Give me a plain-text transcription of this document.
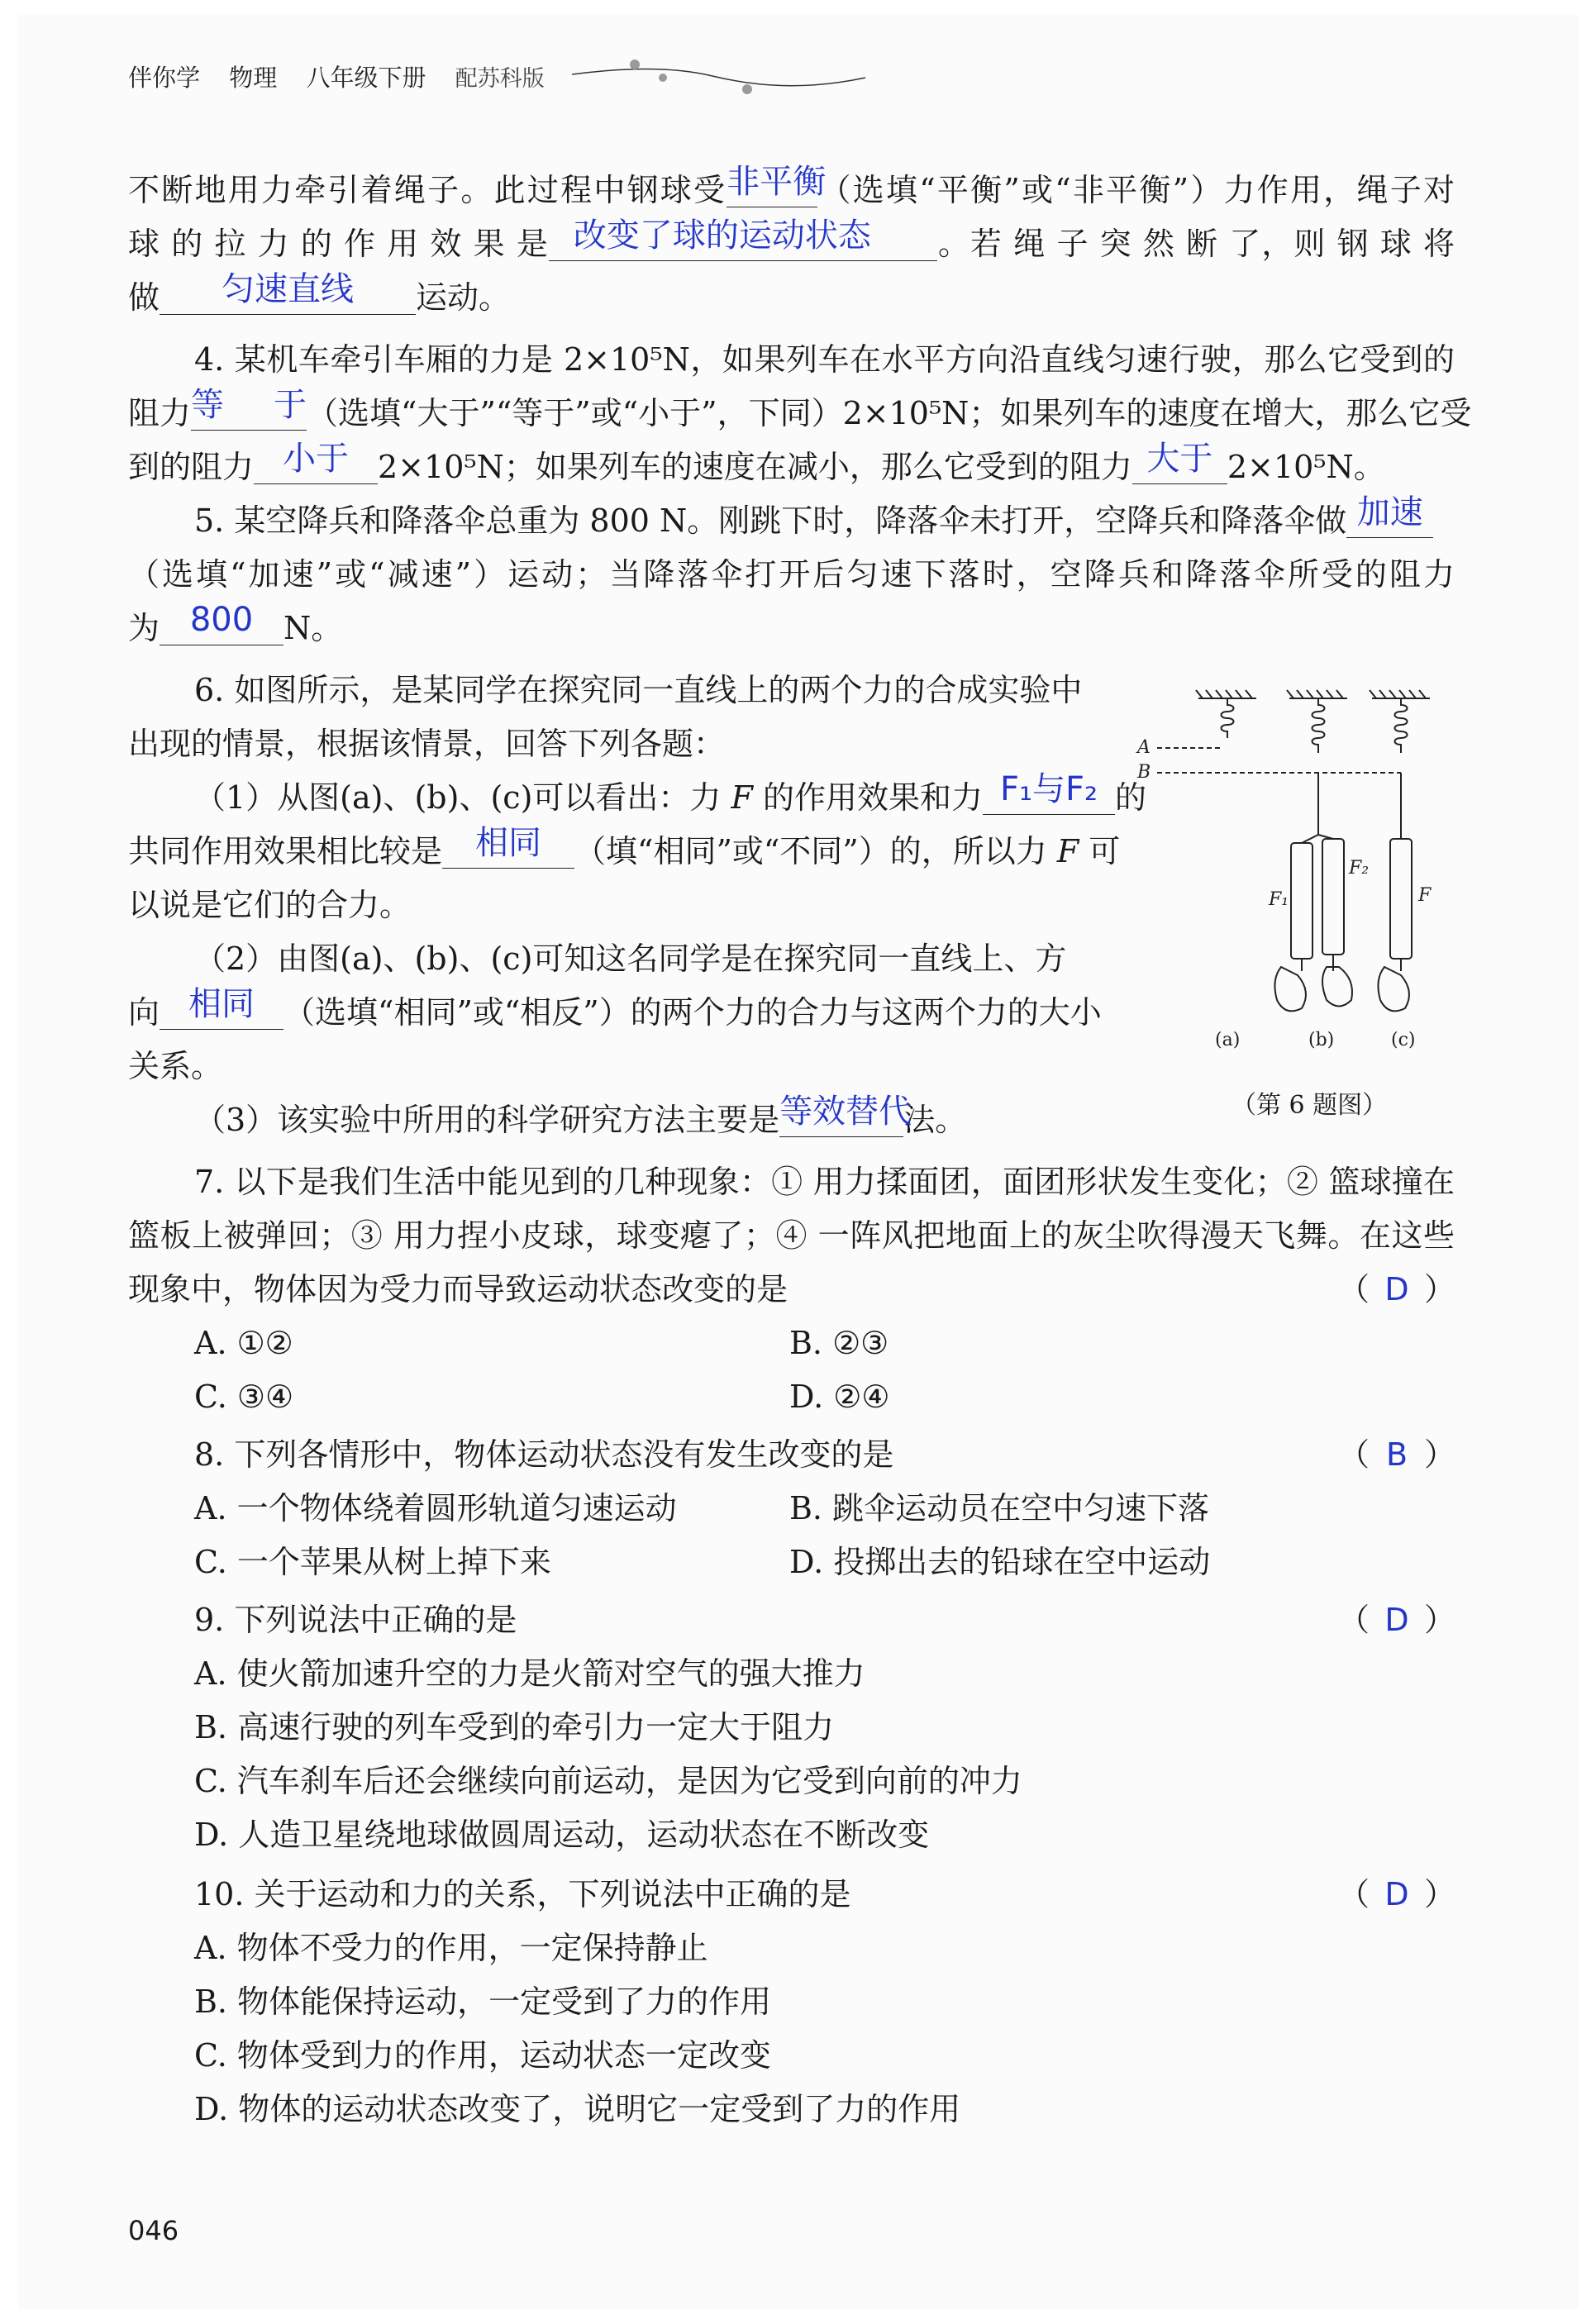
伴你学 物理 八年级下册 配苏科版
不断地用力牵引着绳子。此过程中钢球受 非平衡
（选填“平衡”或“非平衡”）力作用，绳子对
球 的 拉 力 的 作 用 效 果 是 改变了球的运动状态 。若 绳 子 突 然 断 了，则 钢 球 将
做	匀速直线	运动。
4. 某机车牵引车厢的力是 2×10⁵N，如果列车在水平方向沿直线匀速行驶，那么它受到的
阻力 等于 （选填“大于”“等于”或“小于”，下同）2×10⁵N；如果列车的速度在增大，那么它受
到的阻力 小于 2×10⁵N；如果列车的速度在减小，那么它受到的阻力 大于 2×10⁵N。
5. 某空降兵和降落伞总重为 800 N。刚跳下时，降落伞未打开，空降兵和降落伞做 加速

（选填“加速”或“减速”）运动；当降落伞打开后匀速下落时，空降兵和降落伞所受的阻力
为 800 N。
6. 如图所示，是某同学在探究同一直线上的两个力的合成实验中
出现的情景，根据该情景，回答下列各题：
（1）从图(a)、(b)、(c)可以看出：力 F 的作用效果和力 F₁与F₂ 的
共同作用效果相比较是	相同	（填“相同”或“不同”）的，所以力 F 可
以说是它们的合力。
（2）由图(a)、(b)、(c)可知这名同学是在探究同一直线上、方
向 相同 （选填“相同”或“相反”）的两个力的合力与这两个力的大小
关系。
（3）该实验中所用的科学研究方法主要是 等效替代
法。
A
B
F₁
F₂
F
(a)	(b)	(c)
（第 6 题图）
7. 以下是我们生活中能见到的几种现象：① 用力揉面团，面团形状发生变化；② 篮球撞在
篮板上被弹回；③ 用力捏小皮球，球变瘪了；④ 一阵风把地面上的灰尘吹得漫天飞舞。在这些
现象中，物体因为受力而导致运动状态改变的是	（ D ）
A. ①②	B. ②③
C. ③④	D. ②④
8. 下列各情形中，物体运动状态没有发生改变的是	（ B ）
A. 一个物体绕着圆形轨道匀速运动	B. 跳伞运动员在空中匀速下落
C. 一个苹果从树上掉下来	D. 投掷出去的铅球在空中运动
9. 下列说法中正确的是	（ D ）
A. 使火箭加速升空的力是火箭对空气的强大推力
B. 高速行驶的列车受到的牵引力一定大于阻力
C. 汽车刹车后还会继续向前运动，是因为它受到向前的冲力
D. 人造卫星绕地球做圆周运动，运动状态在不断改变
10. 关于运动和力的关系，下列说法中正确的是	（ D ）
A. 物体不受力的作用，一定保持静止
B. 物体能保持运动，一定受到了力的作用
C. 物体受到力的作用，运动状态一定改变
D. 物体的运动状态改变了，说明它一定受到了力的作用
046
